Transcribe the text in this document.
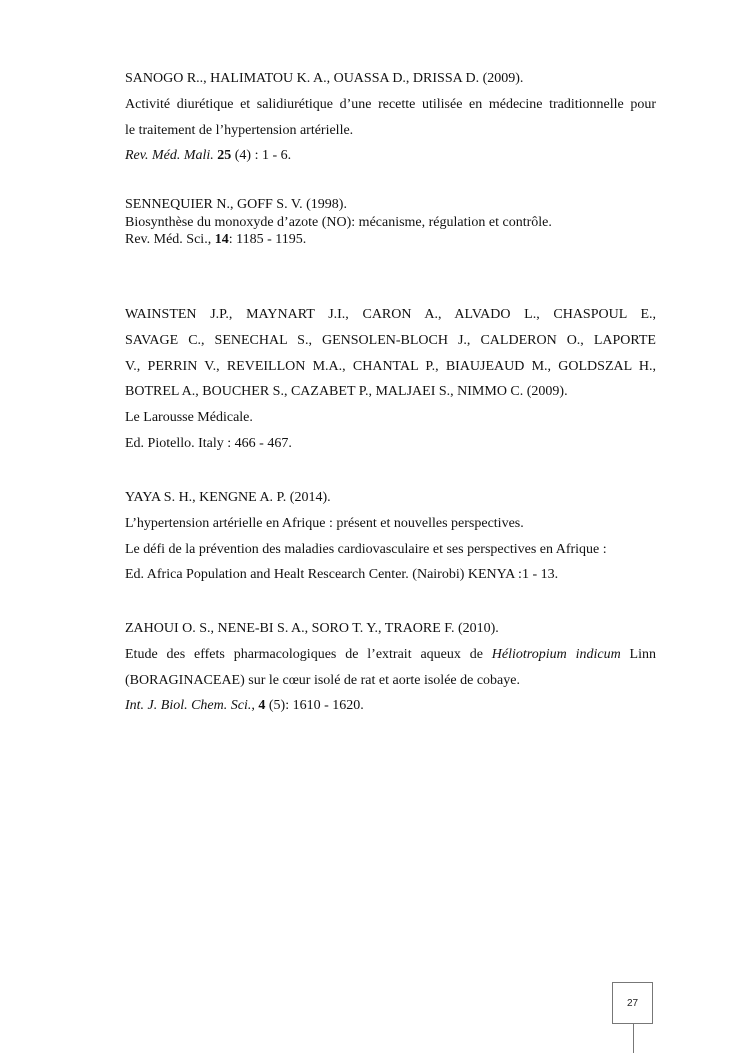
SANOGO R.., HALIMATOU K. A., OUASSA D., DRISSA D. (2009).

Activité diurétique et salidiurétique d’une recette utilisée en médecine traditionnelle pour

le traitement de l’hypertension artérielle.

Rev. Méd. Mali. 25 (4) : 1 - 6.

SENNEQUIER N., GOFF S. V. (1998).

Biosynthèse du monoxyde d’azote (NO): mécanisme, régulation et contrôle.

Rev. Méd. Sci., 14: 1185 - 1195.

WAINSTEN J.P., MAYNART J.I., CARON A., ALVADO L., CHASPOUL E.,

SAVAGE C., SENECHAL S., GENSOLEN-BLOCH J., CALDERON O., LAPORTE

V., PERRIN V., REVEILLON M.A., CHANTAL P., BIAUJEAUD M., GOLDSZAL H.,

BOTREL A., BOUCHER S., CAZABET P., MALJAEI S., NIMMO C. (2009).

Le Larousse Médicale.

Ed. Piotello. Italy : 466 - 467.

YAYA S. H., KENGNE A. P. (2014).

L’hypertension artérielle en Afrique : présent et nouvelles perspectives.

Le défi de la prévention des maladies cardiovasculaire et ses perspectives en Afrique :

Ed. Africa Population and Healt Rescearch Center. (Nairobi) KENYA :1 - 13.

ZAHOUI O. S., NENE-BI S. A., SORO T. Y., TRAORE F. (2010).

Etude des effets pharmacologiques de l’extrait aqueux de Héliotropium indicum Linn

(BORAGINACEAE) sur le cœur isolé de rat et aorte isolée de cobaye.

Int. J. Biol. Chem. Sci., 4 (5): 1610 - 1620.

27
